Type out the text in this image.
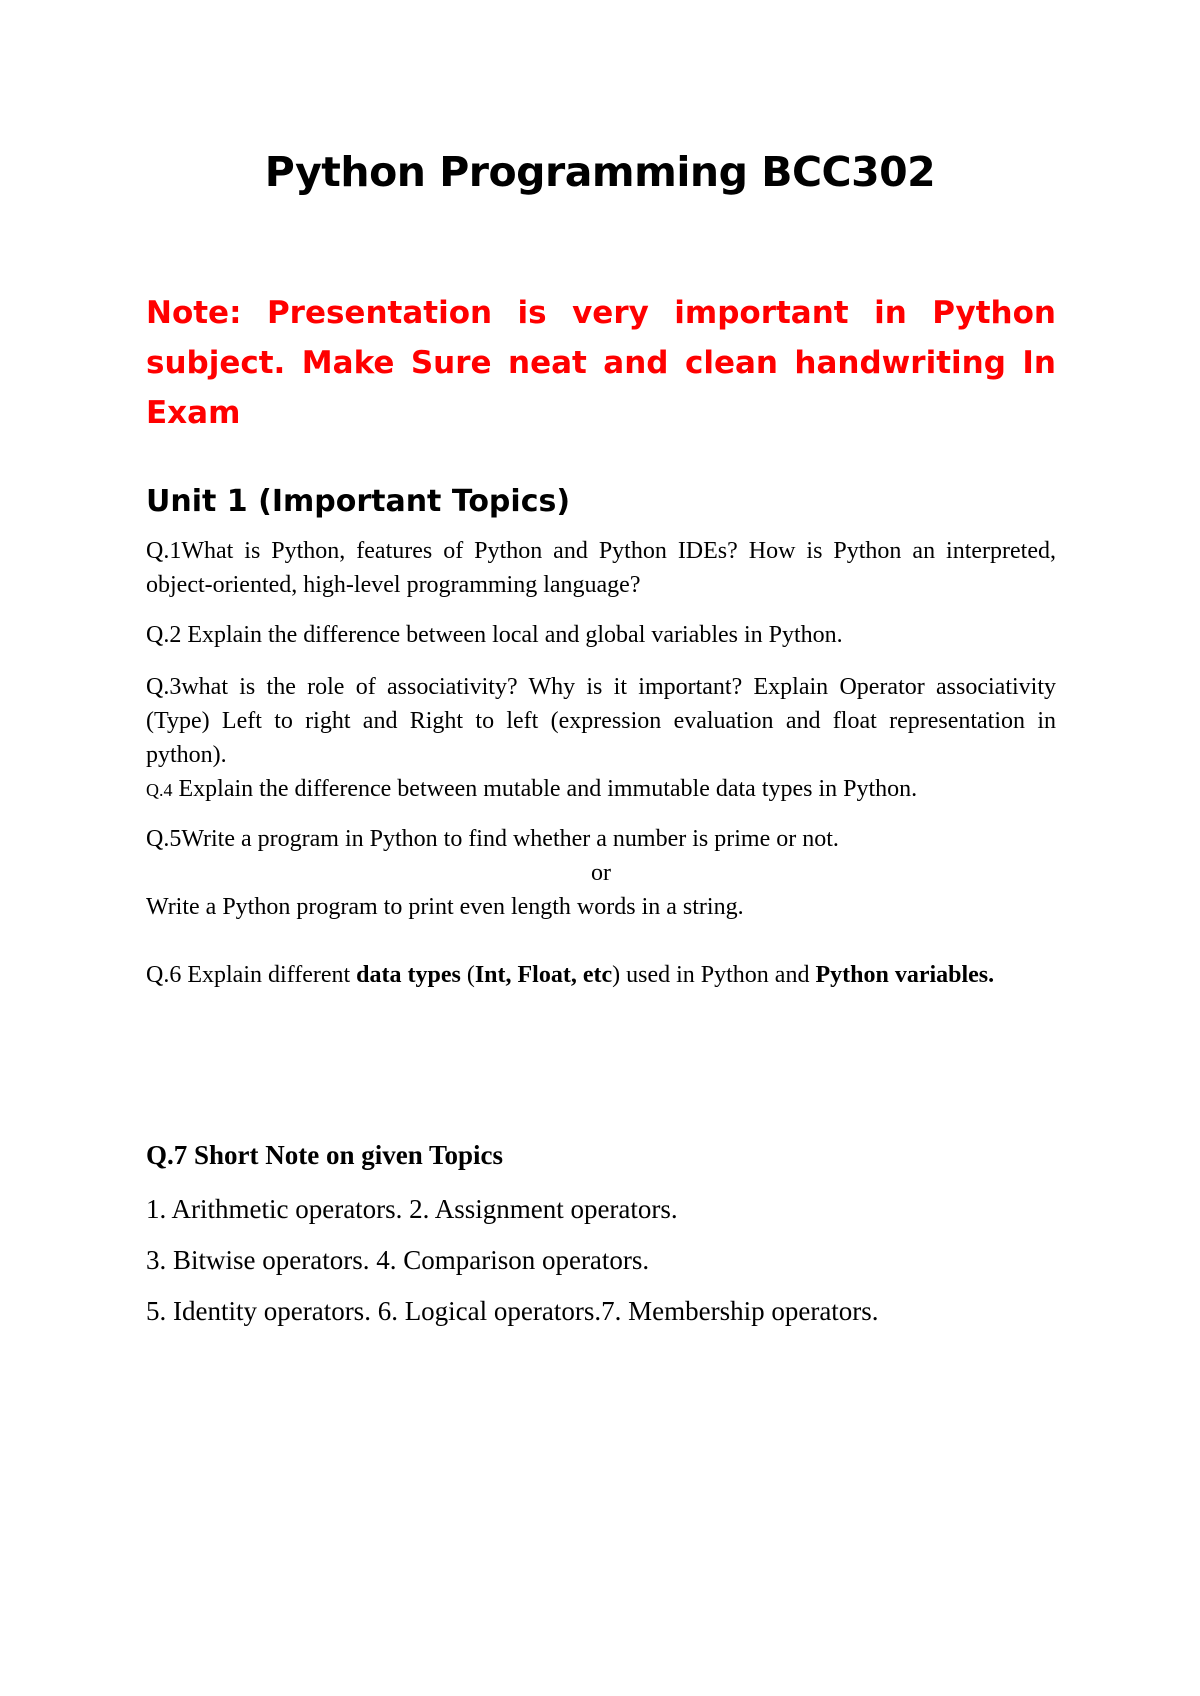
Python Programming BCC302

Note: Presentation is very important in Python subject. Make Sure neat and clean handwriting In Exam

Unit 1 (Important Topics)

Q.1What is Python, features of Python and Python IDEs? How is Python an interpreted, object-oriented, high-level programming language?

Q.2 Explain the difference between local and global variables in Python.

Q.3what is the role of associativity? Why is it important? Explain Operator associativity (Type) Left to right and Right to left (expression evaluation and float representation in python).

Q.4 Explain the difference between mutable and immutable data types in Python.

Q.5Write a program in Python to find whether a number is prime or not.
or
Write a Python program to print even length words in a string.

Q.6 Explain different data types (Int, Float, etc) used in Python and Python variables.

Q.7 Short Note on given Topics

1. Arithmetic operators. 2. Assignment operators.

3. Bitwise operators. 4. Comparison operators.

5. Identity operators. 6. Logical operators.7. Membership operators.
